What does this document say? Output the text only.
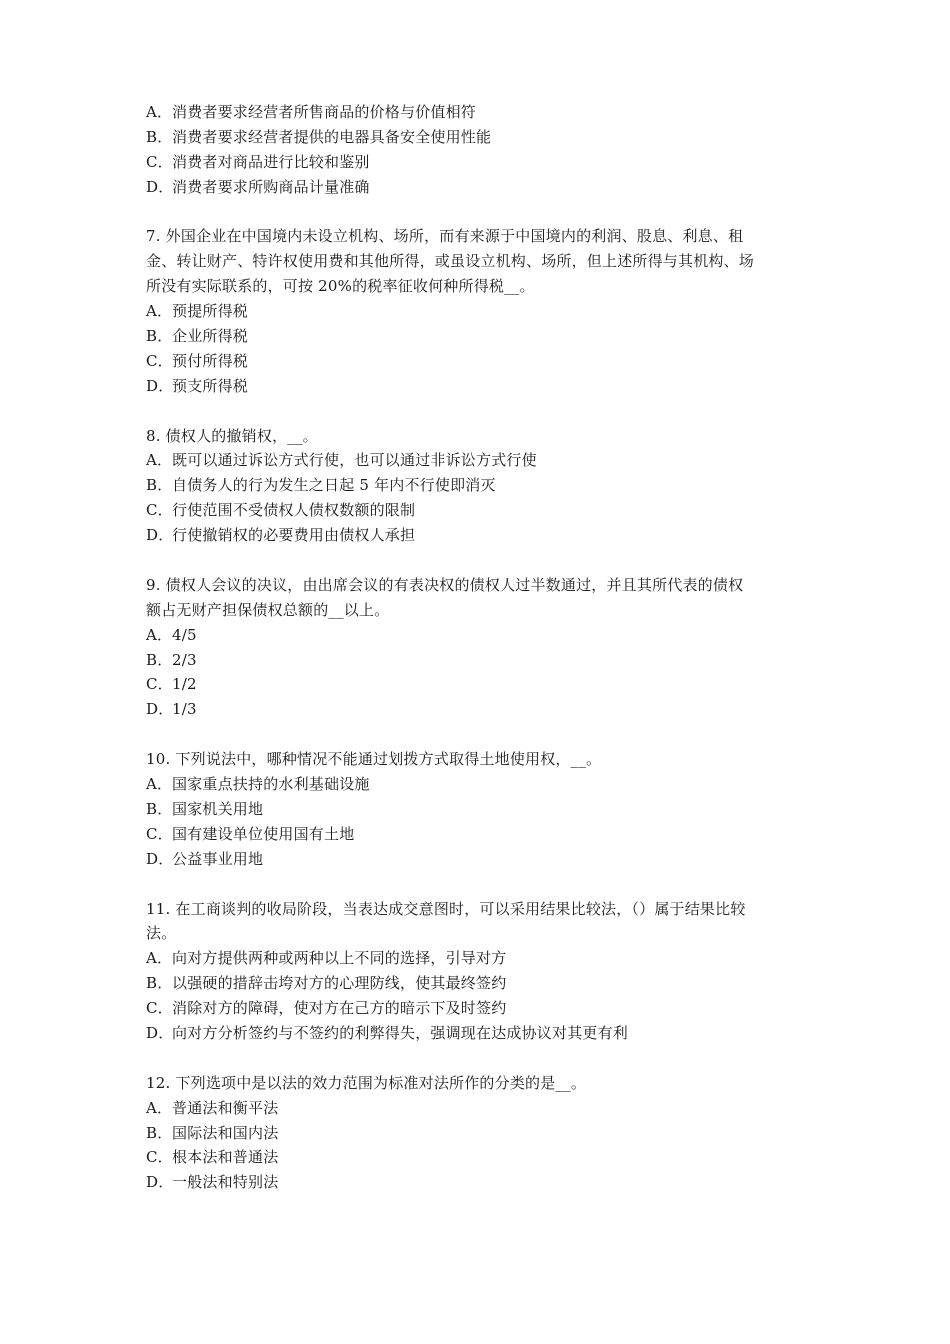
A．消费者要求经营者所售商品的价格与价值相符
B．消费者要求经营者提供的电器具备安全使用性能
C．消费者对商品进行比较和鉴别
D．消费者要求所购商品计量准确
7. 外国企业在中国境内未设立机构、场所，而有来源于中国境内的利润、股息、利息、租
金、转让财产、特许权使用费和其他所得，或虽设立机构、场所，但上述所得与其机构、场
所没有实际联系的，可按 20%的税率征收何种所得税__。
A．预提所得税
B．企业所得税
C．预付所得税
D．预支所得税
8. 债权人的撤销权，__。
A．既可以通过诉讼方式行使，也可以通过非诉讼方式行使
B．自债务人的行为发生之日起 5 年内不行使即消灭
C．行使范围不受债权人债权数额的限制
D．行使撤销权的必要费用由债权人承担
9. 债权人会议的决议，由出席会议的有表决权的债权人过半数通过，并且其所代表的债权
额占无财产担保债权总额的__以上。
A．4/5
B．2/3
C．1/2
D．1/3
10. 下列说法中，哪种情况不能通过划拨方式取得土地使用权，__。
A．国家重点扶持的水利基础设施
B．国家机关用地
C．国有建设单位使用国有土地
D．公益事业用地
11. 在工商谈判的收局阶段，当表达成交意图时，可以采用结果比较法，（）属于结果比较
法。
A．向对方提供两种或两种以上不同的选择，引导对方
B．以强硬的措辞击垮对方的心理防线，使其最终签约
C．消除对方的障碍，使对方在己方的暗示下及时签约
D．向对方分析签约与不签约的利弊得失，强调现在达成协议对其更有利
12. 下列选项中是以法的效力范围为标准对法所作的分类的是__。
A．普通法和衡平法
B．国际法和国内法
C．根本法和普通法
D．一般法和特别法
